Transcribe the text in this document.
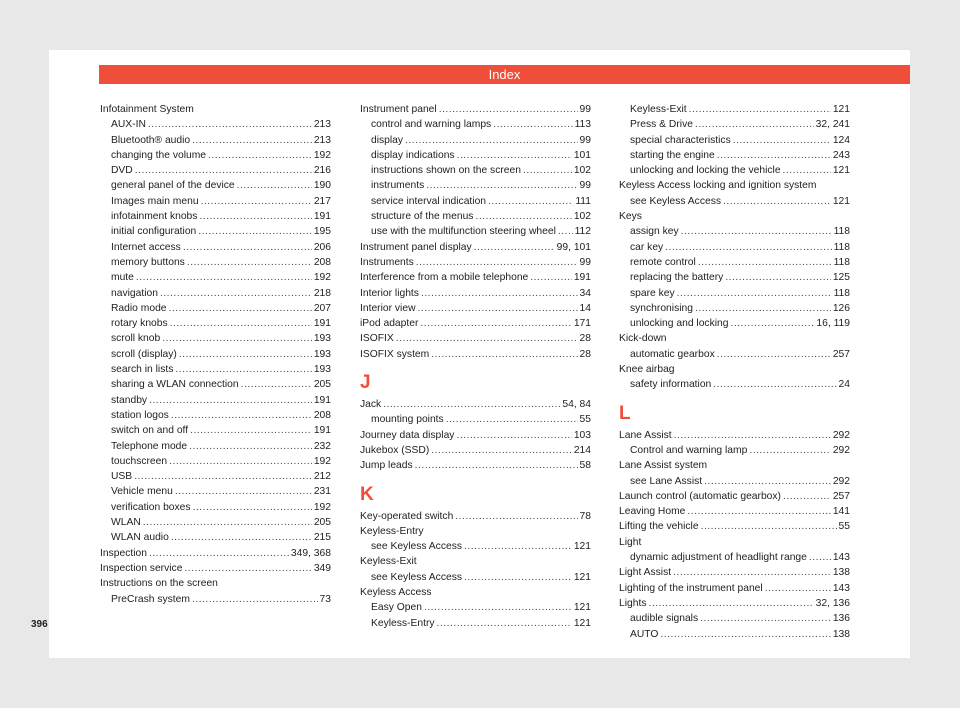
Index
Infotainment System
AUX-IN .....	213
Bluetooth® audio .....	213
changing the volume .....	192
DVD .....	216
general panel of the device .....	190
Images main menu .....	217
infotainment knobs .....	191
initial configuration .....	195
Internet access .....	206
memory buttons .....	208
mute .....	192
navigation .....	218
Radio mode .....	207
rotary knobs .....	191
scroll knob .....	193
scroll (display) .....	193
search in lists .....	193
sharing a WLAN connection .....	205
standby .....	191
station logos .....	208
switch on and off .....	191
Telephone mode .....	232
touchscreen .....	192
USB .....	212
Vehicle menu .....	231
verification boxes .....	192
WLAN .....	205
WLAN audio .....	215
Inspection .....	349, 368
Inspection service .....	349
Instructions on the screen
PreCrash system .....	73
Instrument panel .....	99
control and warning lamps .....	113
display .....	99
display indications .....	101
instructions shown on the screen .....	102
instruments .....	99
service interval indication .....	111
structure of the menus .....	102
use with the multifunction steering wheel ..... 112
Instrument panel display .....	99, 101
Instruments .....	99
Interference from a mobile telephone .....	191
Interior lights .....	34
Interior view .....	14
iPod adapter .....	171
ISOFIX .....	28
ISOFIX system .....	28
J
Jack .....	54, 84
mounting points .....	55
Journey data display .....	103
Jukebox (SSD) .....	214
Jump leads .....	58
K
Key-operated switch .....	78
Keyless-Entry
see Keyless Access .....	121
Keyless-Exit
see Keyless Access .....	121
Keyless Access
Easy Open .....	121
Keyless-Entry .....	121
Keyless-Exit .....	121
Press & Drive .....	32, 241
special characteristics .....	124
starting the engine .....	243
unlocking and locking the vehicle .....	121
Keyless Access locking and ignition system
see Keyless Access .....	121
Keys
assign key .....	118
car key .....	118
remote control .....	118
replacing the battery .....	125
spare key .....	118
synchronising .....	126
unlocking and locking .....	16, 119
Kick-down
automatic gearbox .....	257
Knee airbag
safety information .....	24
L
Lane Assist .....	292
Control and warning lamp .....	292
Lane Assist system
see Lane Assist .....	292
Launch control (automatic gearbox) .....	257
Leaving Home .....	141
Lifting the vehicle .....	55
Light
dynamic adjustment of headlight range .....	143
Light Assist .....	138
Lighting of the instrument panel .....	143
Lights .....	32, 136
audible signals .....	136
AUTO .....	138
396
